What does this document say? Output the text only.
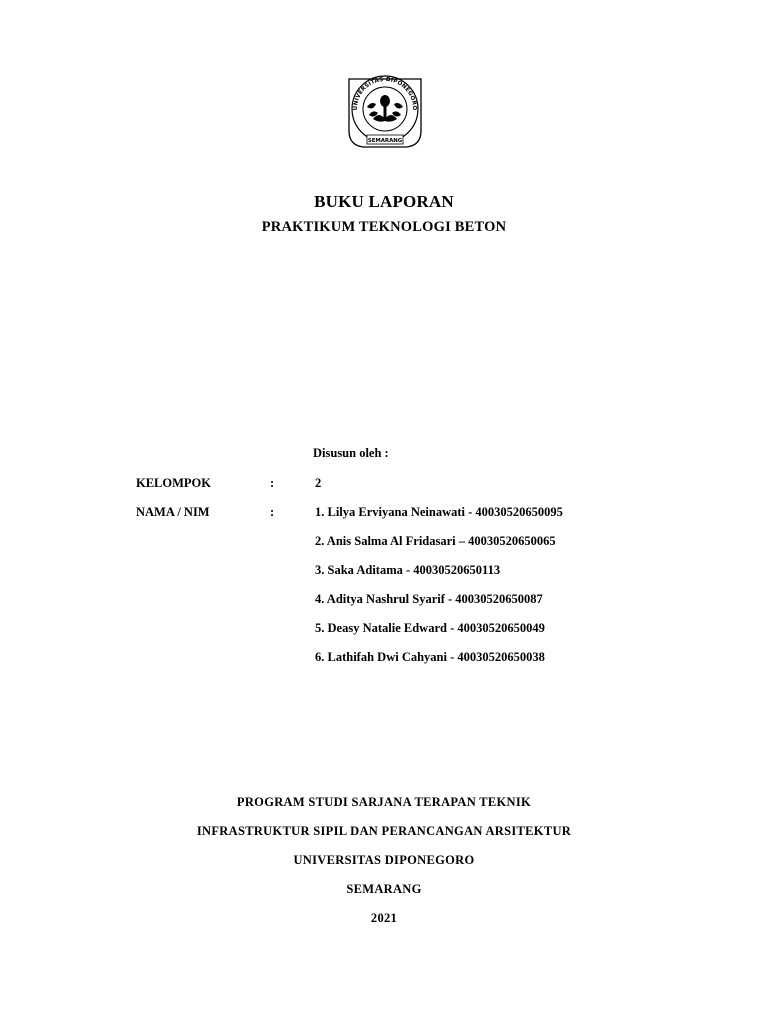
UNIVERSITAS DIPONEGORO
SEMARANG
BUKU LAPORAN
PRAKTIKUM TEKNOLOGI BETON
Disusun oleh :
KELOMPOK	:	2
NAMA / NIM	:	1. Lilya Erviyana Neinawati - 40030520650095
2. Anis Salma Al Fridasari – 40030520650065
3. Saka Aditama - 40030520650113
4. Aditya Nashrul Syarif - 40030520650087
5. Deasy Natalie Edward - 40030520650049
6. Lathifah Dwi Cahyani - 40030520650038
PROGRAM STUDI SARJANA TERAPAN TEKNIK
INFRASTRUKTUR SIPIL DAN PERANCANGAN ARSITEKTUR
UNIVERSITAS DIPONEGORO
SEMARANG
2021
